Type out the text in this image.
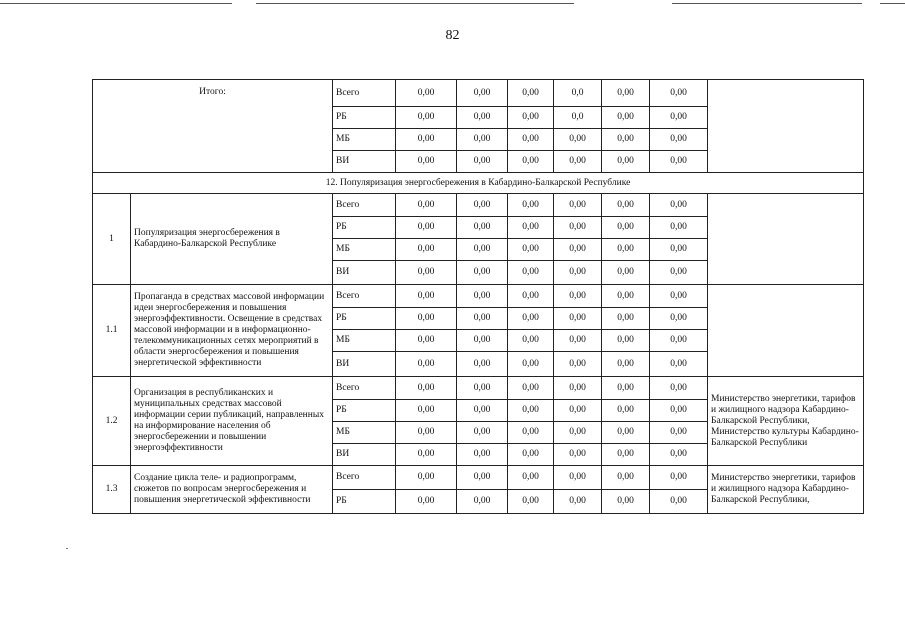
82
Итого:		Всего	0,00	0,00	0,00	0,0	0,00	0,00	
		РБ	0,00	0,00	0,00	0,0	0,00	0,00	
		МБ	0,00	0,00	0,00	0,00	0,00	0,00	
		ВИ	0,00	0,00	0,00	0,00	0,00	0,00	
12. Популяризация энергосбережения в Кабардино-Балкарской Республике									
1	Популяризация энергосбережения в Кабардино-Балкарской Республике	Всего	0,00	0,00	0,00	0,00	0,00	0,00	
		РБ	0,00	0,00	0,00	0,00	0,00	0,00	
		МБ	0,00	0,00	0,00	0,00	0,00	0,00	
		ВИ	0,00	0,00	0,00	0,00	0,00	0,00	
1.1	Пропаганда в средствах массовой информации идеи энергосбережения и повышения энергоэффективности. Освещение в средствах массовой информации и в информационно-телекоммуникационных сетях мероприятий в области энергосбережения и повышения энергетической эффективности	Всего	0,00	0,00	0,00	0,00	0,00	0,00	
		РБ	0,00	0,00	0,00	0,00	0,00	0,00	
		МБ	0,00	0,00	0,00	0,00	0,00	0,00	
		ВИ	0,00	0,00	0,00	0,00	0,00	0,00	
1.2	Организация в республиканских и муниципальных средствах массовой информации серии публикаций, направленных на информирование населения об энергосбережении и повышении энергоэффективности	Всего	0,00	0,00	0,00	0,00	0,00	0,00	Министерство энергетики, тарифов и жилищного надзора Кабардино-Балкарской Республики, Министерство культуры Кабардино-Балкарской Республики
		РБ	0,00	0,00	0,00	0,00	0,00	0,00	
		МБ	0,00	0,00	0,00	0,00	0,00	0,00	
		ВИ	0,00	0,00	0,00	0,00	0,00	0,00	
1.3	Создание цикла теле- и радиопрограмм, сюжетов по вопросам энергосбережения и повышения энергетической эффективности	Всего	0,00	0,00	0,00	0,00	0,00	0,00	Министерство энергетики, тарифов и жилищного надзора Кабардино-Балкарской Республики,
		РБ	0,00	0,00	0,00	0,00	0,00	0,00	
